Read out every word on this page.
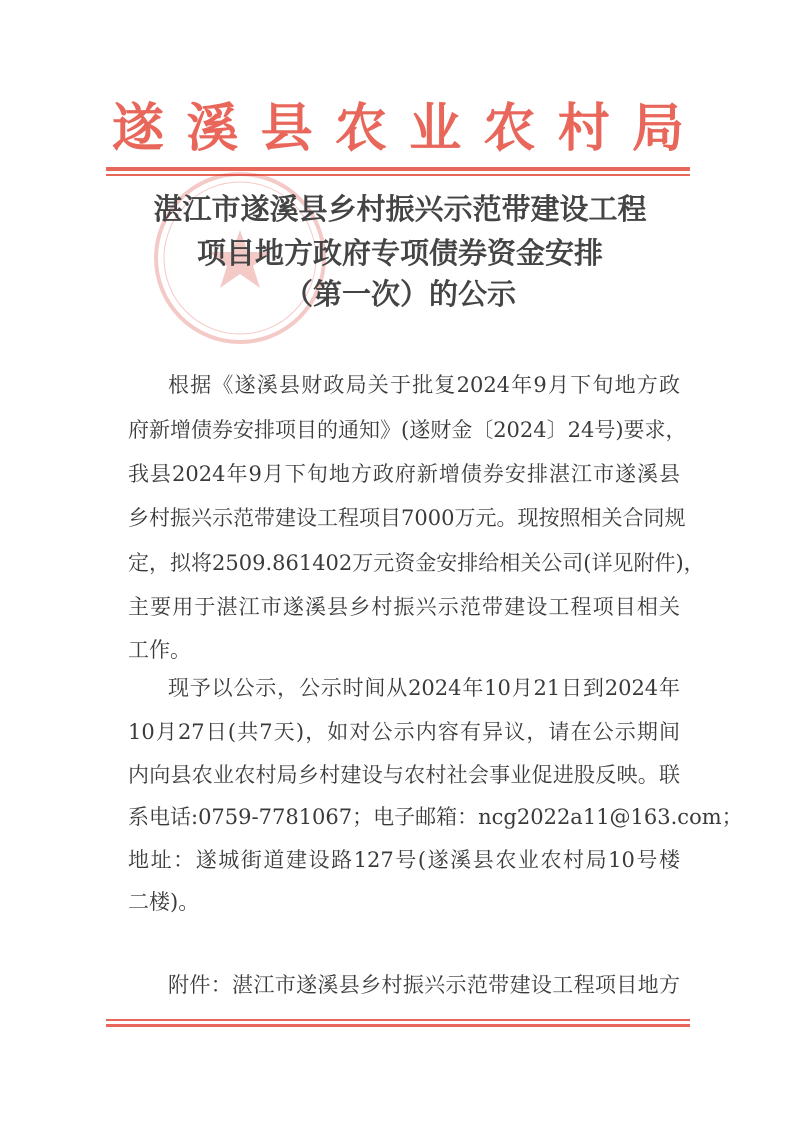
遂 溪 县 农 业 农 村 局
湛江市遂溪县乡村振兴示范带建设工程
项目地方政府专项债券资金安排
（第一次）的公示
根据《遂溪县财政局关于批复2024年9月下旬地方政
府新增债券安排项目的通知》(遂财金〔2024〕24号)要求，
我县2024年9月下旬地方政府新增债券安排湛江市遂溪县
乡村振兴示范带建设工程项目7000万元。现按照相关合同规
定，拟将2509.861402万元资金安排给相关公司(详见附件)，
主要用于湛江市遂溪县乡村振兴示范带建设工程项目相关
工作。
现予以公示，公示时间从2024年10月21日到2024年
10月27日(共7天)，如对公示内容有异议，请在公示期间
内向县农业农村局乡村建设与农村社会事业促进股反映。联
系电话:0759-7781067；电子邮箱：ncg2022a11@163.com；
地址：遂城街道建设路127号(遂溪县农业农村局10号楼
二楼)。
附件：湛江市遂溪县乡村振兴示范带建设工程项目地方
